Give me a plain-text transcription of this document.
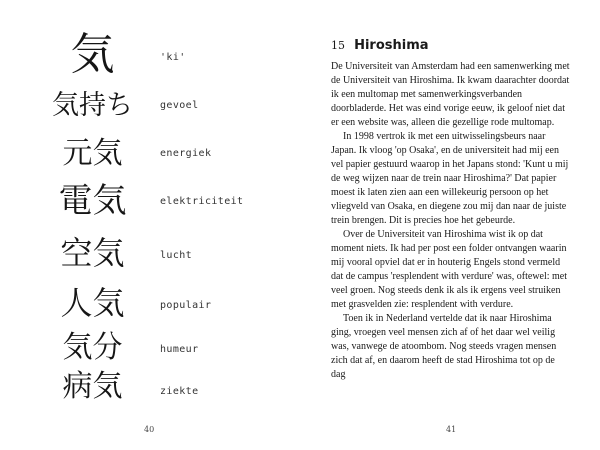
気	'ki'
気持ち	gevoel
元気	energiek
電気	elektriciteit
空気	lucht
人気	populair
気分	humeur
病気	ziekte
40
15 Hiroshima

De Universiteit van Amsterdam had een samenwerking met de Universiteit van Hiroshima. Ik kwam daarachter doordat ik een multomap met samenwerkingsverbanden doorbladerde. Het was eind vorige eeuw, ik geloof niet dat er een website was, alleen die gezellige rode multomap.

In 1998 vertrok ik met een uitwisselingsbeurs naar Japan. Ik vloog 'op Osaka', en de universiteit had mij een vel papier gestuurd waarop in het Japans stond: 'Kunt u mij de weg wijzen naar de trein naar Hiroshima?' Dat papier moest ik laten zien aan een willekeurig persoon op het vliegveld van Osaka, en diegene zou mij dan naar de juiste trein brengen. Dit is precies hoe het gebeurde.

Over de Universiteit van Hiroshima wist ik op dat moment niets. Ik had per post een folder ontvangen waarin mij vooral opviel dat er in houterig Engels stond vermeld dat de campus 'resplendent with verdure' was, oftewel: met veel groen. Nog steeds denk ik als ik ergens veel struiken met grasvelden zie: resplendent with verdure.

Toen ik in Nederland vertelde dat ik naar Hiroshima ging, vroegen veel mensen zich af of het daar wel veilig was, vanwege de atoombom. Nog steeds vragen mensen zich dat af, en daarom heeft de stad Hiroshima tot op de dag

41
